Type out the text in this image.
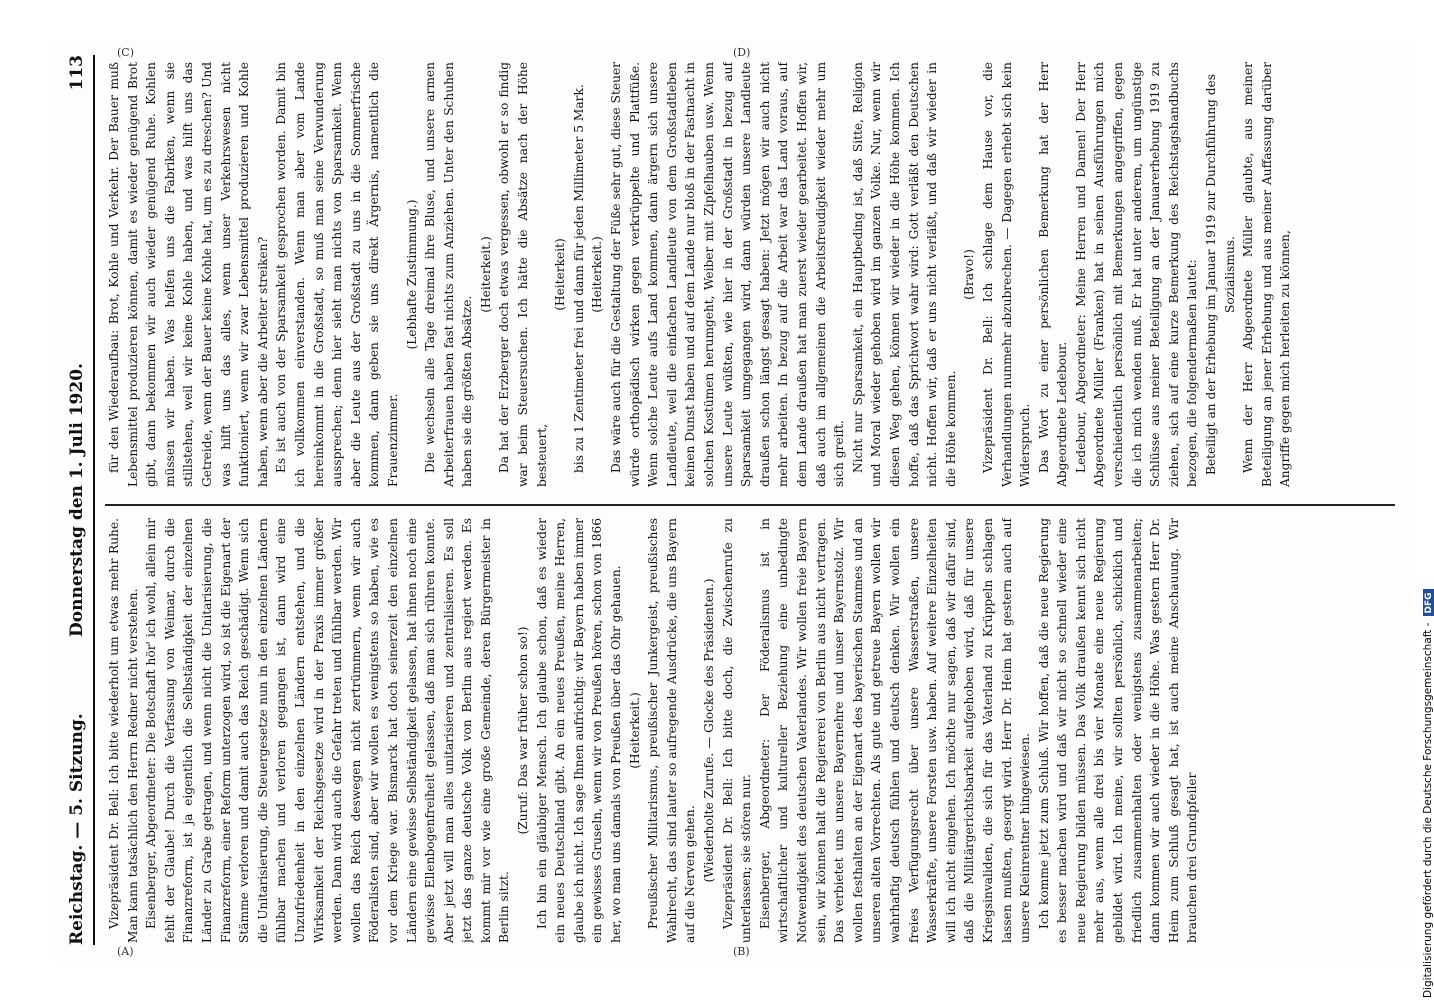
Reichstag. — 5. Sitzung.
Donnerstag den 1. Juli 1920.
113

Vizepräsident Dr. Bell: Ich bitte wiederholt um etwas mehr Ruhe. Man kann tatsächlich den Herrn Redner nicht verstehen. Eisenberger, Abgeordneter: Die Botschaft hör' ich wohl, allein mir fehlt der Glaube! Durch die Verfassung von Weimar, durch die Finanzreform, ist ja eigentlich die Selbständigkeit der einzelnen Länder zu Grabe getragen, und wenn nicht die Unitarisierung, die Finanzreform, einer Reform unterzogen wird, so ist die Eigenart der Stämme verloren und damit auch das Reich geschädigt. Wenn sich die Unitarisierung, die Steuergesetze nun in den einzelnen Ländern fühlbar machen und verloren gegangen ist, dann wird eine Unzufriedenheit in den einzelnen Ländern entstehen, und die Wirksamkeit der Reichsgesetze wird in der Praxis immer größer werden. Dann wird auch die Gefahr treten und fühlbar werden. Wir wollen das Reich deswegen nicht zertrümmern, wenn wir auch Föderalisten sind, aber wir wollen es wenigstens so haben, wie es vor dem Kriege war. Bismarck hat doch seinerzeit den einzelnen Ländern eine gewisse Selbständigkeit gelassen, hat ihnen noch eine gewisse Ellenbogenfreiheit gelassen, daß man sich rühren konnte. Aber jetzt will man alles unitarisieren und zentralisieren. Es soll jetzt das ganze deutsche Volk von Berlin aus regiert werden. Es kommt mir vor wie eine große Gemeinde, deren Bürgermeister in Berlin sitzt.

(Zuruf: Das war früher schon so!) Ich bin ein gläubiger Mensch. Ich glaube schon, daß es wieder ein neues Deutschland gibt. An ein neues Preußen, meine Herren, glaube ich nicht. Ich sage Ihnen aufrichtig: wir Bayern haben immer ein gewisses Gruseln, wenn wir von Preußen hören, schon von 1866 her, wo man uns damals von Preußen über das Ohr gehauen. (Heiterkeit.) Preußischer Militarismus, preußischer Junkergeist, preußisches Wahlrecht, das sind lauter so aufregende Ausdrücke, die uns Bayern auf die Nerven gehen. (Wiederholte Zurufe. — Glocke des Präsidenten.) Vizepräsident Dr. Bell: Ich bitte doch, die Zwischenrufe zu unterlassen; sie stören nur. Eisenberger, Abgeordneter: Der Föderalismus ist in wirtschaftlicher und kultureller Beziehung eine unbedingte Notwendigkeit des deutschen Vaterlandes. Wir wollen freie Bayern sein, wir können halt die Regiererei von Berlin aus nicht vertragen. Das verbietet uns unsere Bayernehre und unser Bayernstolz. Wir wollen festhalten an der Eigenart des bayerischen Stammes und an unseren alten Vorrechten. Als gute und getreue Bayern wollen wir wahrhaftig deutsch fühlen und deutsch denken. Wir wollen ein freies Verfügungsrecht über unsere Wasserstraßen, unsere Wasserkräfte, unsere Forsten usw. haben. Auf weitere Einzelheiten will ich nicht eingehen. Ich möchte nur sagen, daß wir dafür sind, daß die Militärgerichtsbarkeit aufgehoben wird, daß für unsere Kriegsinvaliden, die sich für das Vaterland zu Krüppeln schlagen lassen mußten, gesorgt wird. Herr Dr. Heim hat gestern auch auf unsere Kleinrentner hingewiesen. Ich komme jetzt zum Schluß. Wir hoffen, daß die neue Regierung es besser machen wird und daß wir nicht so schnell wieder eine neue Regierung bilden müssen. Das Volk draußen kennt sich nicht mehr aus, wenn alle drei bis vier Monate eine neue Regierung gebildet wird. Ich meine, wir sollten persönlich, schicklich und friedlich zusammenhalten oder wenigstens zusammenarbeiten; dann kommen wir auch wieder in die Höhe. Was gestern Herr Dr. Heim zum Schluß gesagt hat, ist auch meine Anschauung. Wir brauchen drei Grundpfeiler

für den Wiederaufbau: Brot, Kohle und Verkehr. Der Bauer muß Lebensmittel produzieren können, damit es wieder genügend Brot gibt, dann bekommen wir auch wieder genügend Ruhe. Kohlen müssen wir haben. Was helfen uns die Fabriken, wenn sie stillstehen, weil wir keine Kohle haben, und was hilft uns das Getreide, wenn der Bauer keine Kohle hat, um es zu dreschen? Und was hilft uns das alles, wenn unser Verkehrswesen nicht funktioniert, wenn wir zwar Lebensmittel produzieren und Kohle haben, wenn aber die Arbeiter streiken? Es ist auch von der Sparsamkeit gesprochen worden. Damit bin ich vollkommen einverstanden. Wenn man aber vom Lande hereinkommt in die Großstadt, so muß man seine Verwunderung aussprechen; denn hier sieht man nichts von Sparsamkeit. Wenn aber die Leute aus der Großstadt zu uns in die Sommerfrische kommen, dann geben sie uns direkt Ärgernis, namentlich die Frauenzimmer.

(Lebhafte Zustimmung.) Die wechseln alle Tage dreimal ihre Bluse, und unsere armen Arbeiterfrauen haben fast nichts zum Anziehen. Unter den Schuhen haben sie die größten Absätze.

(Heiterkeit.) Da hat der Erzberger doch etwas vergessen, obwohl er so findig war beim Steuersuchen. Ich hätte die Absätze nach der Höhe besteuert,

(Heiterkeit) bis zu 1 Zentimeter frei und dann für jeden Millimeter 5 Mark. (Heiterkeit.) Das wäre auch für die Gestaltung der Füße sehr gut, diese Steuer würde orthopädisch wirken gegen verkrüppelte und Plattfüße. Wenn solche Leute aufs Land kommen, dann ärgern sich unsere Landleute, weil die einfachen Landleute von dem Großstadtleben keinen Dunst haben und auf dem Lande nur bloß in der Fastnacht in solchen Kostümen herumgeht, Weiber mit Zipfelhauben usw. Wenn unsere Leute wüßten, wie hier in der Großstadt in bezug auf Sparsamkeit umgegangen wird, dann würden unsere Landleute draußen schon längst gesagt haben: Jetzt mögen wir auch nicht mehr arbeiten. In bezug auf die Arbeit war das Land voraus, auf dem Lande draußen hat man zuerst wieder gearbeitet. Hoffen wir, daß auch im allgemeinen die Arbeitsfreudigkeit wieder mehr um sich greift. Nicht nur Sparsamkeit, ein Hauptbeding ist, daß Sitte, Religion und Moral wieder gehoben wird im ganzen Volke. Nur, wenn wir diesen Weg gehen, können wir wieder in die Höhe kommen. Ich hoffe, daß das Sprichwort wahr wird: Gott verläßt den Deutschen nicht. Hoffen wir, daß er uns nicht verläßt, und daß wir wieder in die Höhe kommen.

(Bravo!) Vizepräsident Dr. Bell: Ich schlage dem Hause vor, die Verhandlungen nunmehr abzubrechen. — Dagegen erhebt sich kein Widerspruch. Das Wort zu einer persönlichen Bemerkung hat der Herr Abgeordnete Ledebour. Ledebour, Abgeordneter: Meine Herren und Damen! Der Herr Abgeordnete Müller (Franken) hat in seinen Ausführungen mich verschiedentlich persönlich mit Bemerkungen angegriffen, gegen die ich mich wenden muß. Er hat unter anderem, um ungünstige Schlüsse aus meiner Beteiligung an der Januarerhebung 1919 zu ziehen, sich auf eine kurze Bemerkung des Reichstagshandbuchs bezogen, die folgendermaßen lautet: Beteiligt an der Erhebung im Januar 1919 zur Durchführung des Sozialismus. Wenn der Herr Abgeordnete Müller glaubte, aus meiner Beteiligung an jener Erhebung und aus meiner Auffassung darüber Angriffe gegen mich herleiten zu können,

(A)	(B)
(C)	(D)
Digitalisierung gefördert durch die Deutsche Forschungsgemeinschaft -DFG
